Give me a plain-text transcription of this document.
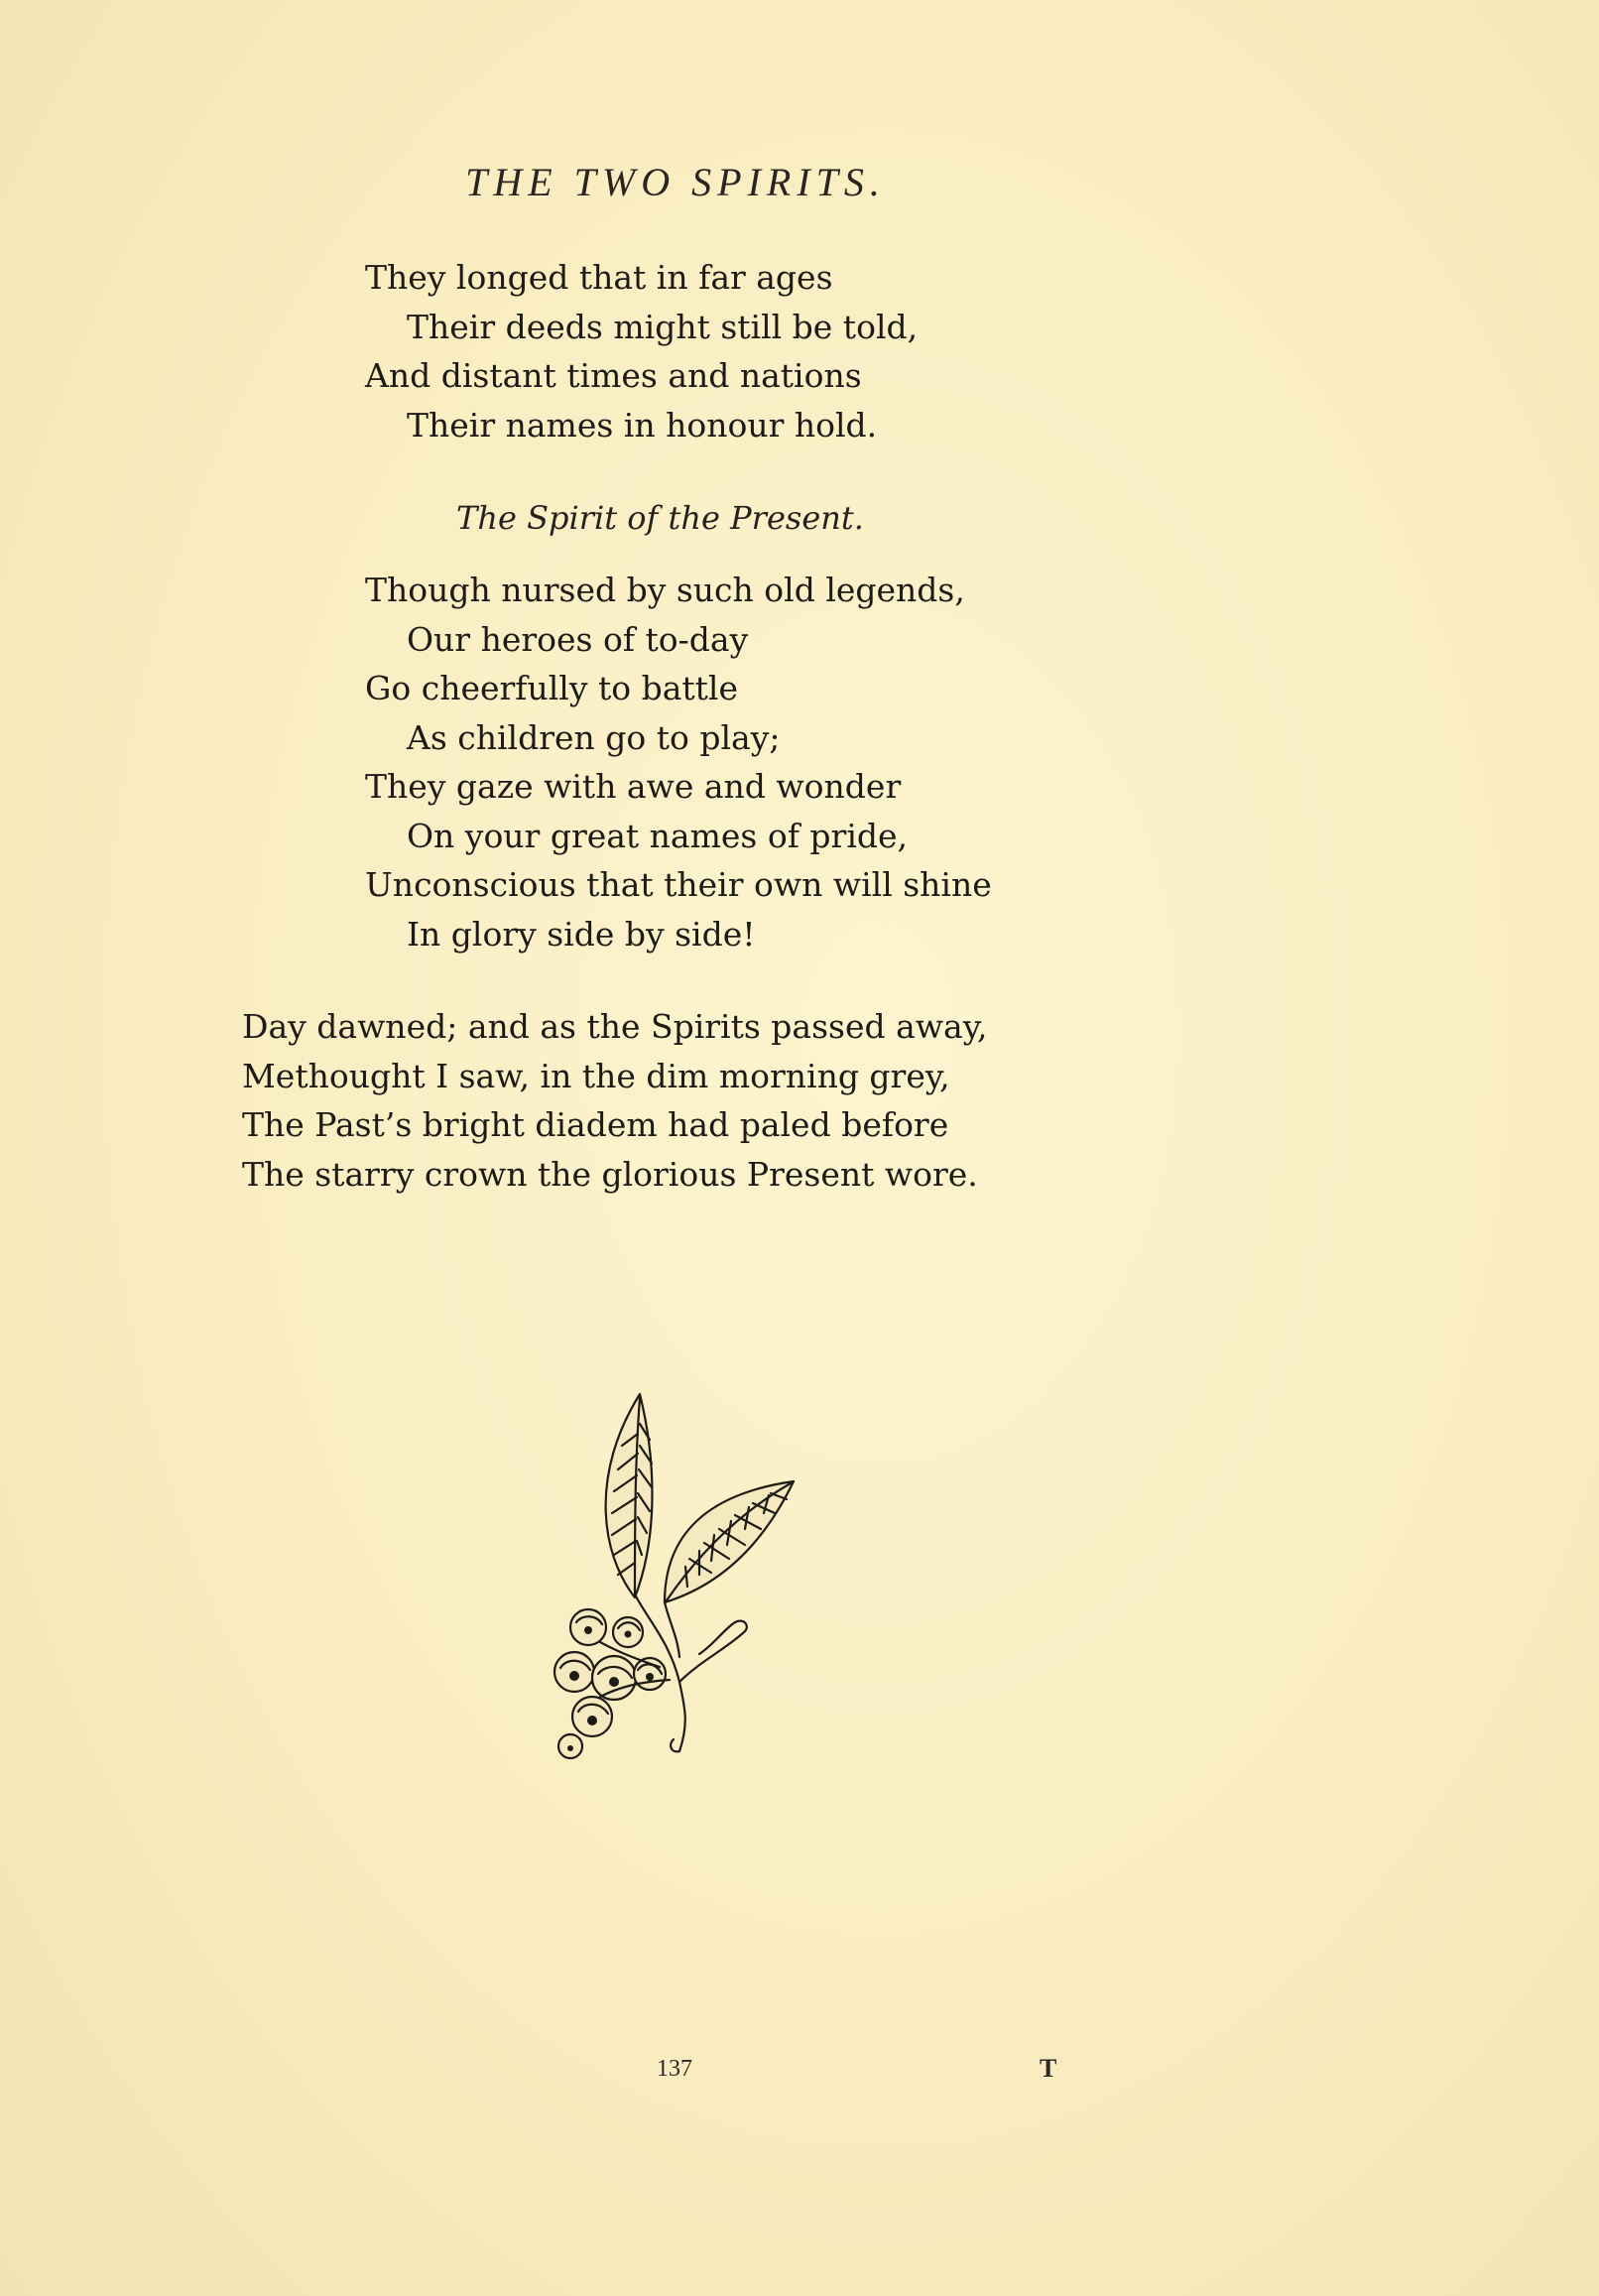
THE TWO SPIRITS.
They longed that in far ages
Their deeds might still be told,
And distant times and nations
Their names in honour hold.
The Spirit of the Present.
Though nursed by such old legends,
Our heroes of to-day
Go cheerfully to battle
As children go to play;
They gaze with awe and wonder
On your great names of pride,
Unconscious that their own will shine
In glory side by side!
Day dawned; and as the Spirits passed away,
Methought I saw, in the dim morning grey,
The Past’s bright diadem had paled before
The starry crown the glorious Present wore.
137	T
